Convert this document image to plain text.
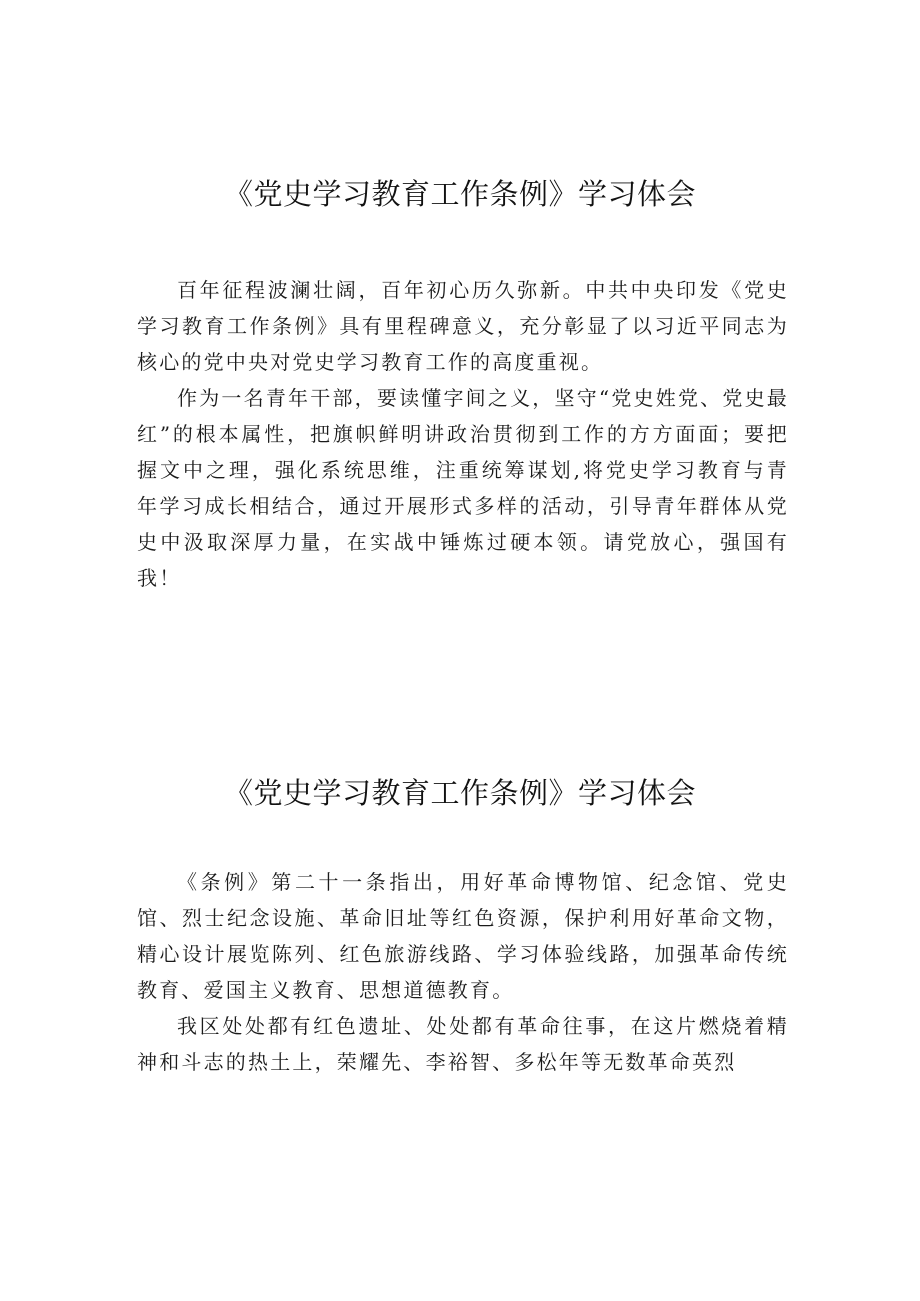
《党史学习教育工作条例》学习体会

百年征程波澜壮阔，百年初心历久弥新。中共中央印发《党史学习教育工作条例》具有里程碑意义，充分彰显了以习近平同志为核心的党中央对党史学习教育工作的高度重视。

作为一名青年干部，要读懂字间之义，坚守“党史姓党、党史最红”的根本属性，把旗帜鲜明讲政治贯彻到工作的方方面面；要把握文中之理，强化系统思维，注重统筹谋划,将党史学习教育与青年学习成长相结合，通过开展形式多样的活动，引导青年群体从党史中汲取深厚力量，在实战中锤炼过硬本领。请党放心，强国有我！

《党史学习教育工作条例》学习体会

《条例》第二十一条指出，用好革命博物馆、纪念馆、党史馆、烈士纪念设施、革命旧址等红色资源，保护利用好革命文物，精心设计展览陈列、红色旅游线路、学习体验线路，加强革命传统教育、爱国主义教育、思想道德教育。

我区处处都有红色遗址、处处都有革命往事，在这片燃烧着精神和斗志的热土上，荣耀先、李裕智、多松年等无数革命英烈
